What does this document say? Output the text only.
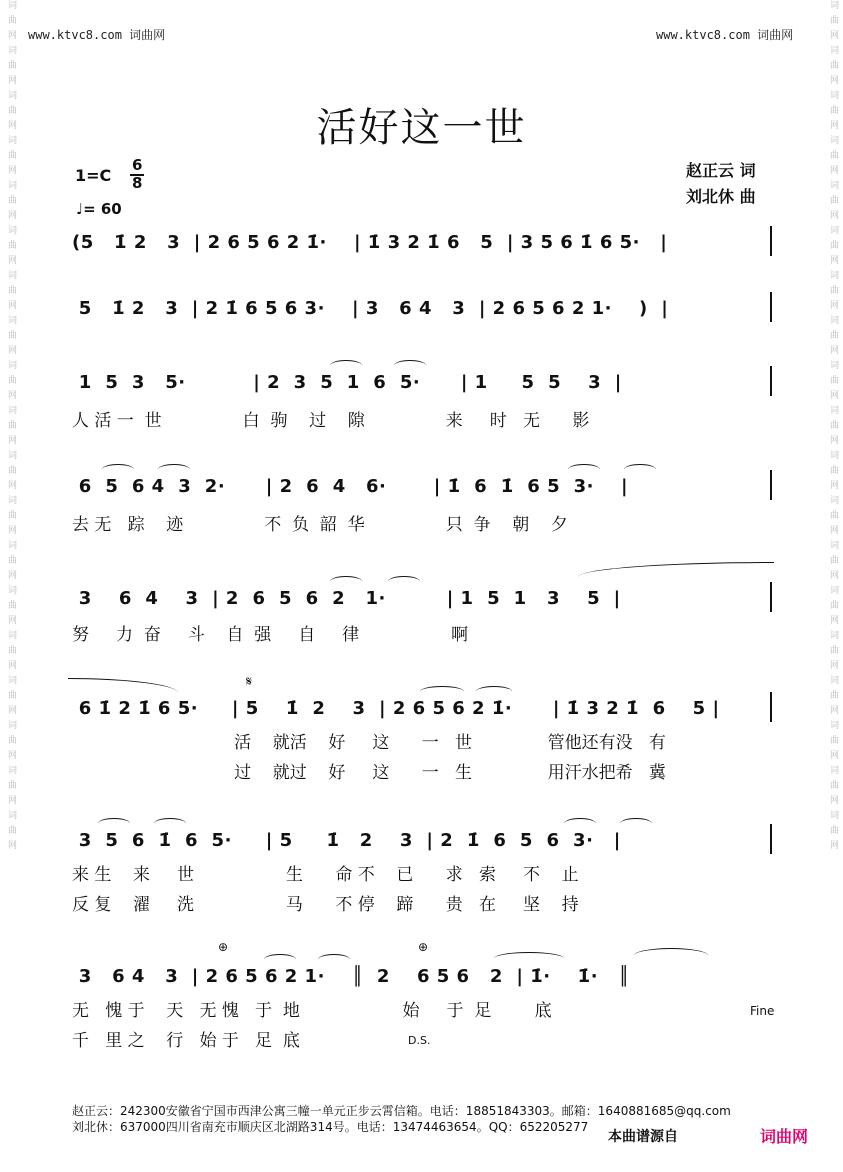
词曲网词曲网词曲网词曲网词曲网词曲网词曲网词曲网词曲网词曲网词曲网词曲网词曲网词曲网词曲网词曲网词曲网词曲网词曲网	词曲网词曲网词曲网词曲网词曲网词曲网词曲网词曲网词曲网词曲网词曲网词曲网词曲网词曲网词曲网词曲网词曲网词曲网词曲网
www.ktvc8.com 词曲网	www.ktvc8.com 词曲网
活好这一世
1=C
6
8
♩= 60
赵正云 词
刘北休 曲
(5   1̇ 2   3  | 2 6 5 6 2 1̇·    | 1̇ 3 2 1̇ 6   5  | 3 5 6 1̇ 6 5·   |
5   1̇ 2   3  | 2 1̇ 6 5 6 3·    | 3   6 4   3  | 2 6 5 6 2 1·    )  |
1  5  3   5·          | 2  3  5  1  6  5·      | 1     5  5    3  |
人 活 一  世               白  驹    过    隙               来     时   无      影
6  5  6 4  3  2·      | 2  6  4   6·       | 1̇  6  1̇  6 5  3·    |
去 无   踪    迹               不  负  韶  华               只  争    朝    夕
3    6  4    3  | 2  6  5  6  2   1·         | 1  5  1   3    5  |
努     力  奋     斗    自  强     自     律                 啊
𝄋
6 1̇ 2 1̇ 6 5·     | 5    1̇  2    3  | 2 6 5 6 2 1̇·      | 1̇ 3 2 1̇  6    5 |
活    就活    好     这      一   世              管他还有没   有
过    就过    好     这      一   生              用汗水把希   冀
3  5  6  1̇  6  5·     | 5     1̇   2    3  | 2  1̇  6  5  6  3·   |
来 生    来     世                 生      命 不    已      求   索     不    止
反 复    濯     洗                 马      不 停    蹄      贵   在     坚    持
⊕	⊕
3   6 4   3  | 2 6 5 6 2 1·    ║  2    6 5 6   2  | 1̇·    1̇·   ║
无   愧 于    天   无 愧   于  地                   始     于  足        底
千   里 之    行   始 于   足  底
Fine
D.S.
赵正云：242300安徽省宁国市西津公寓三幢一单元正步云霄信箱。电话：18851843303。邮箱：1640881685@qq.com
刘北休：637000四川省南充市顺庆区北湖路314号。电话：13474463654。QQ：652205277
本曲谱源自	词曲网
